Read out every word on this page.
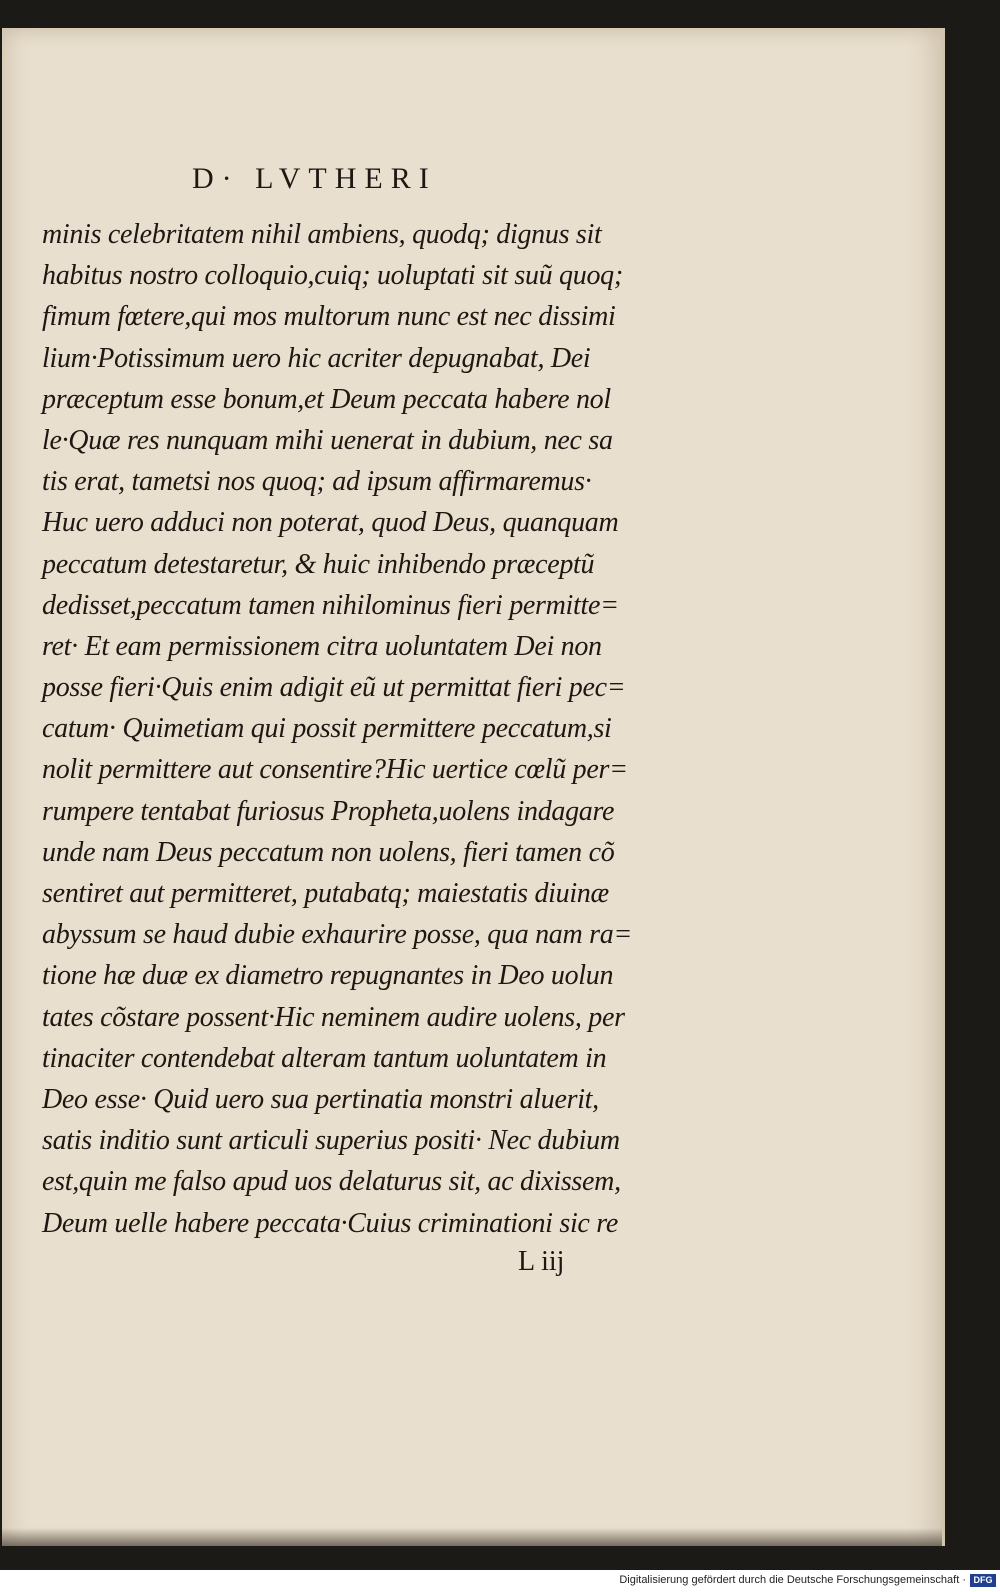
D· LVTHERI
minis celebritatem nihil ambiens, quodq; dignus sit
habitus nostro colloquio,cuiq; uoluptati sit suũ quoq;
fimum fœtere,qui mos multorum nunc est nec dissimi
lium·Potissimum uero hic acriter depugnabat, Dei
præceptum esse bonum,et Deum peccata habere nol
le·Quæ res nunquam mihi uenerat in dubium, nec sa
tis erat, tametsi nos quoq; ad ipsum affirmaremus·
Huc uero adduci non poterat, quod Deus, quanquam
peccatum detestaretur, & huic inhibendo præceptũ
dedisset,peccatum tamen nihilominus fieri permitte=
ret· Et eam permissionem citra uoluntatem Dei non
posse fieri·Quis enim adigit eũ ut permittat fieri pec=
catum· Quimetiam qui possit permittere peccatum,si
nolit permittere aut consentire?Hic uertice cœlũ per=
rumpere tentabat furiosus Propheta,uolens indagare
unde nam Deus peccatum non uolens, fieri tamen cõ
sentiret aut permitteret, putabatq; maiestatis diuinæ
abyssum se haud dubie exhaurire posse, qua nam ra=
tione hæ duæ ex diametro repugnantes in Deo uolun
tates cõstare possent·Hic neminem audire uolens, per
tinaciter contendebat alteram tantum uoluntatem in
Deo esse· Quid uero sua pertinatia monstri aluerit,
satis inditio sunt articuli superius positi· Nec dubium
est,quin me falso apud uos delaturus sit, ac dixissem,
Deum uelle habere peccata·Cuius criminationi sic re
L iij
Digitalisierung gefördert durch die Deutsche Forschungsgemeinschaft · DFG
